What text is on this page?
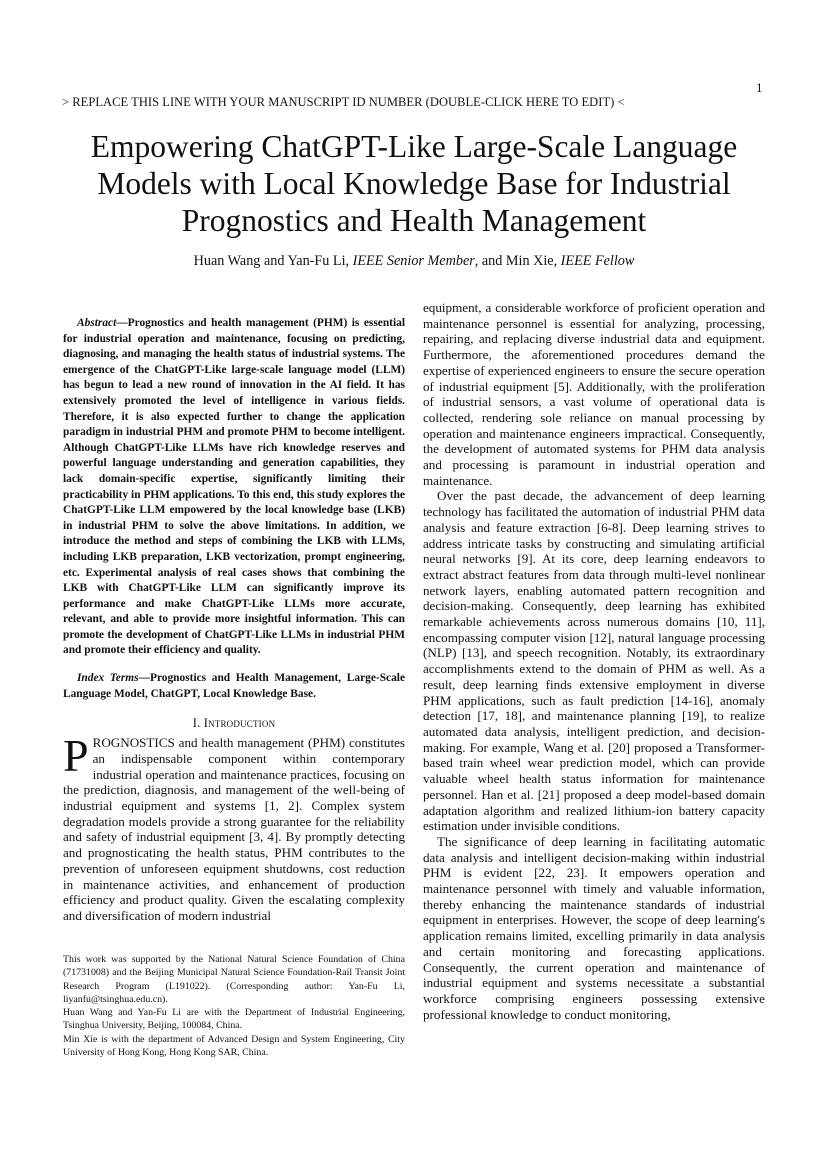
1
> REPLACE THIS LINE WITH YOUR MANUSCRIPT ID NUMBER (DOUBLE-CLICK HERE TO EDIT) <
Empowering ChatGPT-Like Large-Scale Language
Models with Local Knowledge Base for Industrial
Prognostics and Health Management
Huan Wang and Yan-Fu Li, IEEE Senior Member, and Min Xie, IEEE Fellow

Abstract—Prognostics and health management (PHM) is essential for industrial operation and maintenance, focusing on predicting, diagnosing, and managing the health status of industrial systems. The emergence of the ChatGPT-Like large-scale language model (LLM) has begun to lead a new round of innovation in the AI field. It has extensively promoted the level of intelligence in various fields. Therefore, it is also expected further to change the application paradigm in industrial PHM and promote PHM to become intelligent. Although ChatGPT-Like LLMs have rich knowledge reserves and powerful language understanding and generation capabilities, they lack domain-specific expertise, significantly limiting their practicability in PHM applications. To this end, this study explores the ChatGPT-Like LLM empowered by the local knowledge base (LKB) in industrial PHM to solve the above limitations. In addition, we introduce the method and steps of combining the LKB with LLMs, including LKB preparation, LKB vectorization, prompt engineering, etc. Experimental analysis of real cases shows that combining the LKB with ChatGPT-Like LLM can significantly improve its performance and make ChatGPT-Like LLMs more accurate, relevant, and able to provide more insightful information. This can promote the development of ChatGPT-Like LLMs in industrial PHM and promote their efficiency and quality.

Index Terms—Prognostics and Health Management, Large-Scale Language Model, ChatGPT, Local Knowledge Base.

I. Introduction

PROGNOSTICS and health management (PHM) constitutes an indispensable component within contemporary industrial operation and maintenance practices, focusing on the prediction, diagnosis, and management of the well-being of industrial equipment and systems [1, 2]. Complex system degradation models provide a strong guarantee for the reliability and safety of industrial equipment [3, 4]. By promptly detecting and prognosticating the health status, PHM contributes to the prevention of unforeseen equipment shutdowns, cost reduction in maintenance activities, and enhancement of production efficiency and product quality. Given the escalating complexity and diversification of modern industrial

This work was supported by the National Natural Science Foundation of China (71731008) and the Beijing Municipal Natural Science Foundation-Rail Transit Joint Research Program (L191022). (Corresponding author: Yan-Fu Li, liyanfu@tsinghua.edu.cn).

Huan Wang and Yan-Fu Li are with the Department of Industrial Engineering, Tsinghua University, Beijing, 100084, China.

Min Xie is with the department of Advanced Design and System Engineering, City University of Hong Kong, Hong Kong SAR, China.

equipment, a considerable workforce of proficient operation and maintenance personnel is essential for analyzing, processing, repairing, and replacing diverse industrial data and equipment. Furthermore, the aforementioned procedures demand the expertise of experienced engineers to ensure the secure operation of industrial equipment [5]. Additionally, with the proliferation of industrial sensors, a vast volume of operational data is collected, rendering sole reliance on manual processing by operation and maintenance engineers impractical. Consequently, the development of automated systems for PHM data analysis and processing is paramount in industrial operation and maintenance.

Over the past decade, the advancement of deep learning technology has facilitated the automation of industrial PHM data analysis and feature extraction [6-8]. Deep learning strives to address intricate tasks by constructing and simulating artificial neural networks [9]. At its core, deep learning endeavors to extract abstract features from data through multi-level nonlinear network layers, enabling automated pattern recognition and decision-making. Consequently, deep learning has exhibited remarkable achievements across numerous domains [10, 11], encompassing computer vision [12], natural language processing (NLP) [13], and speech recognition. Notably, its extraordinary accomplishments extend to the domain of PHM as well. As a result, deep learning finds extensive employment in diverse PHM applications, such as fault prediction [14-16], anomaly detection [17, 18], and maintenance planning [19], to realize automated data analysis, intelligent prediction, and decision-making. For example, Wang et al. [20] proposed a Transformer-based train wheel wear prediction model, which can provide valuable wheel health status information for maintenance personnel. Han et al. [21] proposed a deep model-based domain adaptation algorithm and realized lithium-ion battery capacity estimation under invisible conditions.

The significance of deep learning in facilitating automatic data analysis and intelligent decision-making within industrial PHM is evident [22, 23]. It empowers operation and maintenance personnel with timely and valuable information, thereby enhancing the maintenance standards of industrial equipment in enterprises. However, the scope of deep learning's application remains limited, excelling primarily in data analysis and certain monitoring and forecasting applications. Consequently, the current operation and maintenance of industrial equipment and systems necessitate a substantial workforce comprising engineers possessing extensive professional knowledge to conduct monitoring,
